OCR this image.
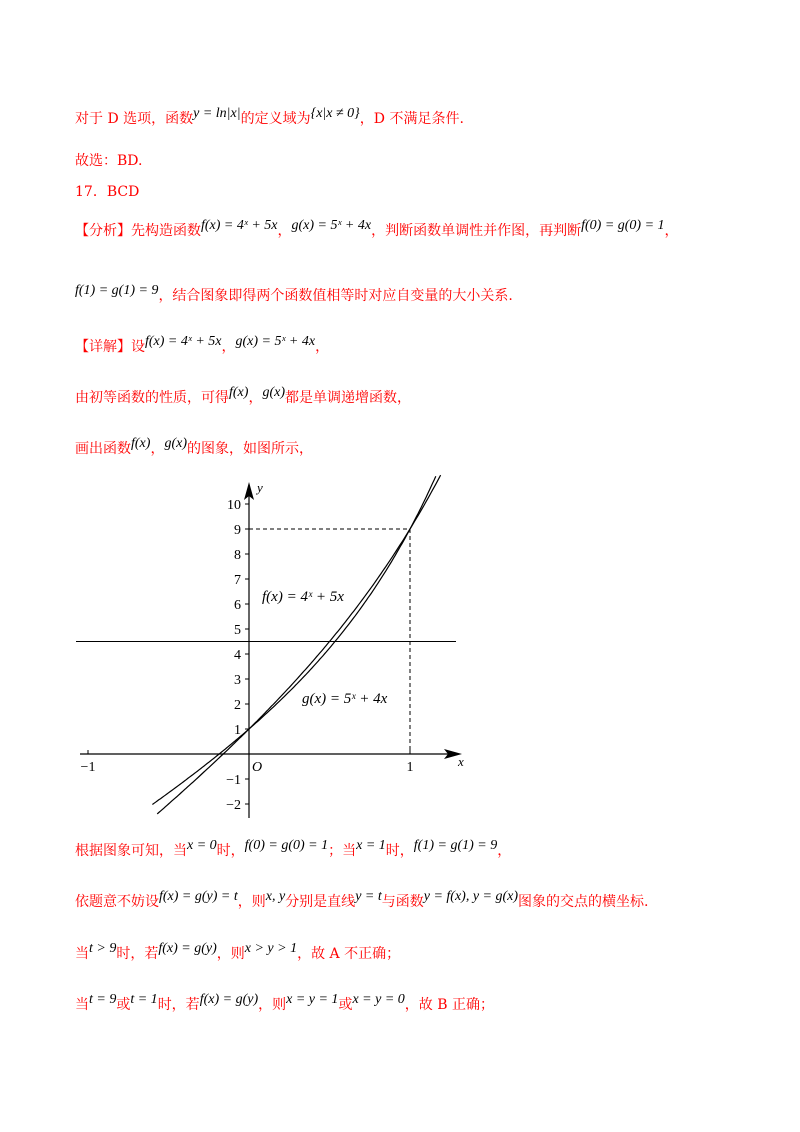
对于 D 选项，函数y = ln|x|的定义域为{x|x ≠ 0}，D 不满足条件.
故选：BD.
17．BCD
【分析】先构造函数f(x) = 4ˣ + 5x，g(x) = 5ˣ + 4x，判断函数单调性并作图，再判断f(0) = g(0) = 1，
f(1) = g(1) = 9，结合图象即得两个函数值相等时对应自变量的大小关系.
【详解】设f(x) = 4ˣ + 5x，g(x) = 5ˣ + 4x，
由初等函数的性质，可得f(x)，g(x)都是单调递增函数，
画出函数f(x)，g(x)的图象，如图所示，
10
9
8
7
6
5
4
3
2
1
−1
−2
−1	O	1	x
y
f(x) = 4ˣ + 5x
g(x) = 5ˣ + 4x
根据图象可知，当x = 0时，f(0) = g(0) = 1；当x = 1时，f(1) = g(1) = 9，
依题意不妨设f(x) = g(y) = t，则x, y分别是直线y = t与函数y = f(x), y = g(x)图象的交点的横坐标.
当t > 9时，若f(x) = g(y)，则x > y > 1，故 A 不正确；
当t = 9或t = 1时，若f(x) = g(y)，则x = y = 1或x = y = 0，故 B 正确；
